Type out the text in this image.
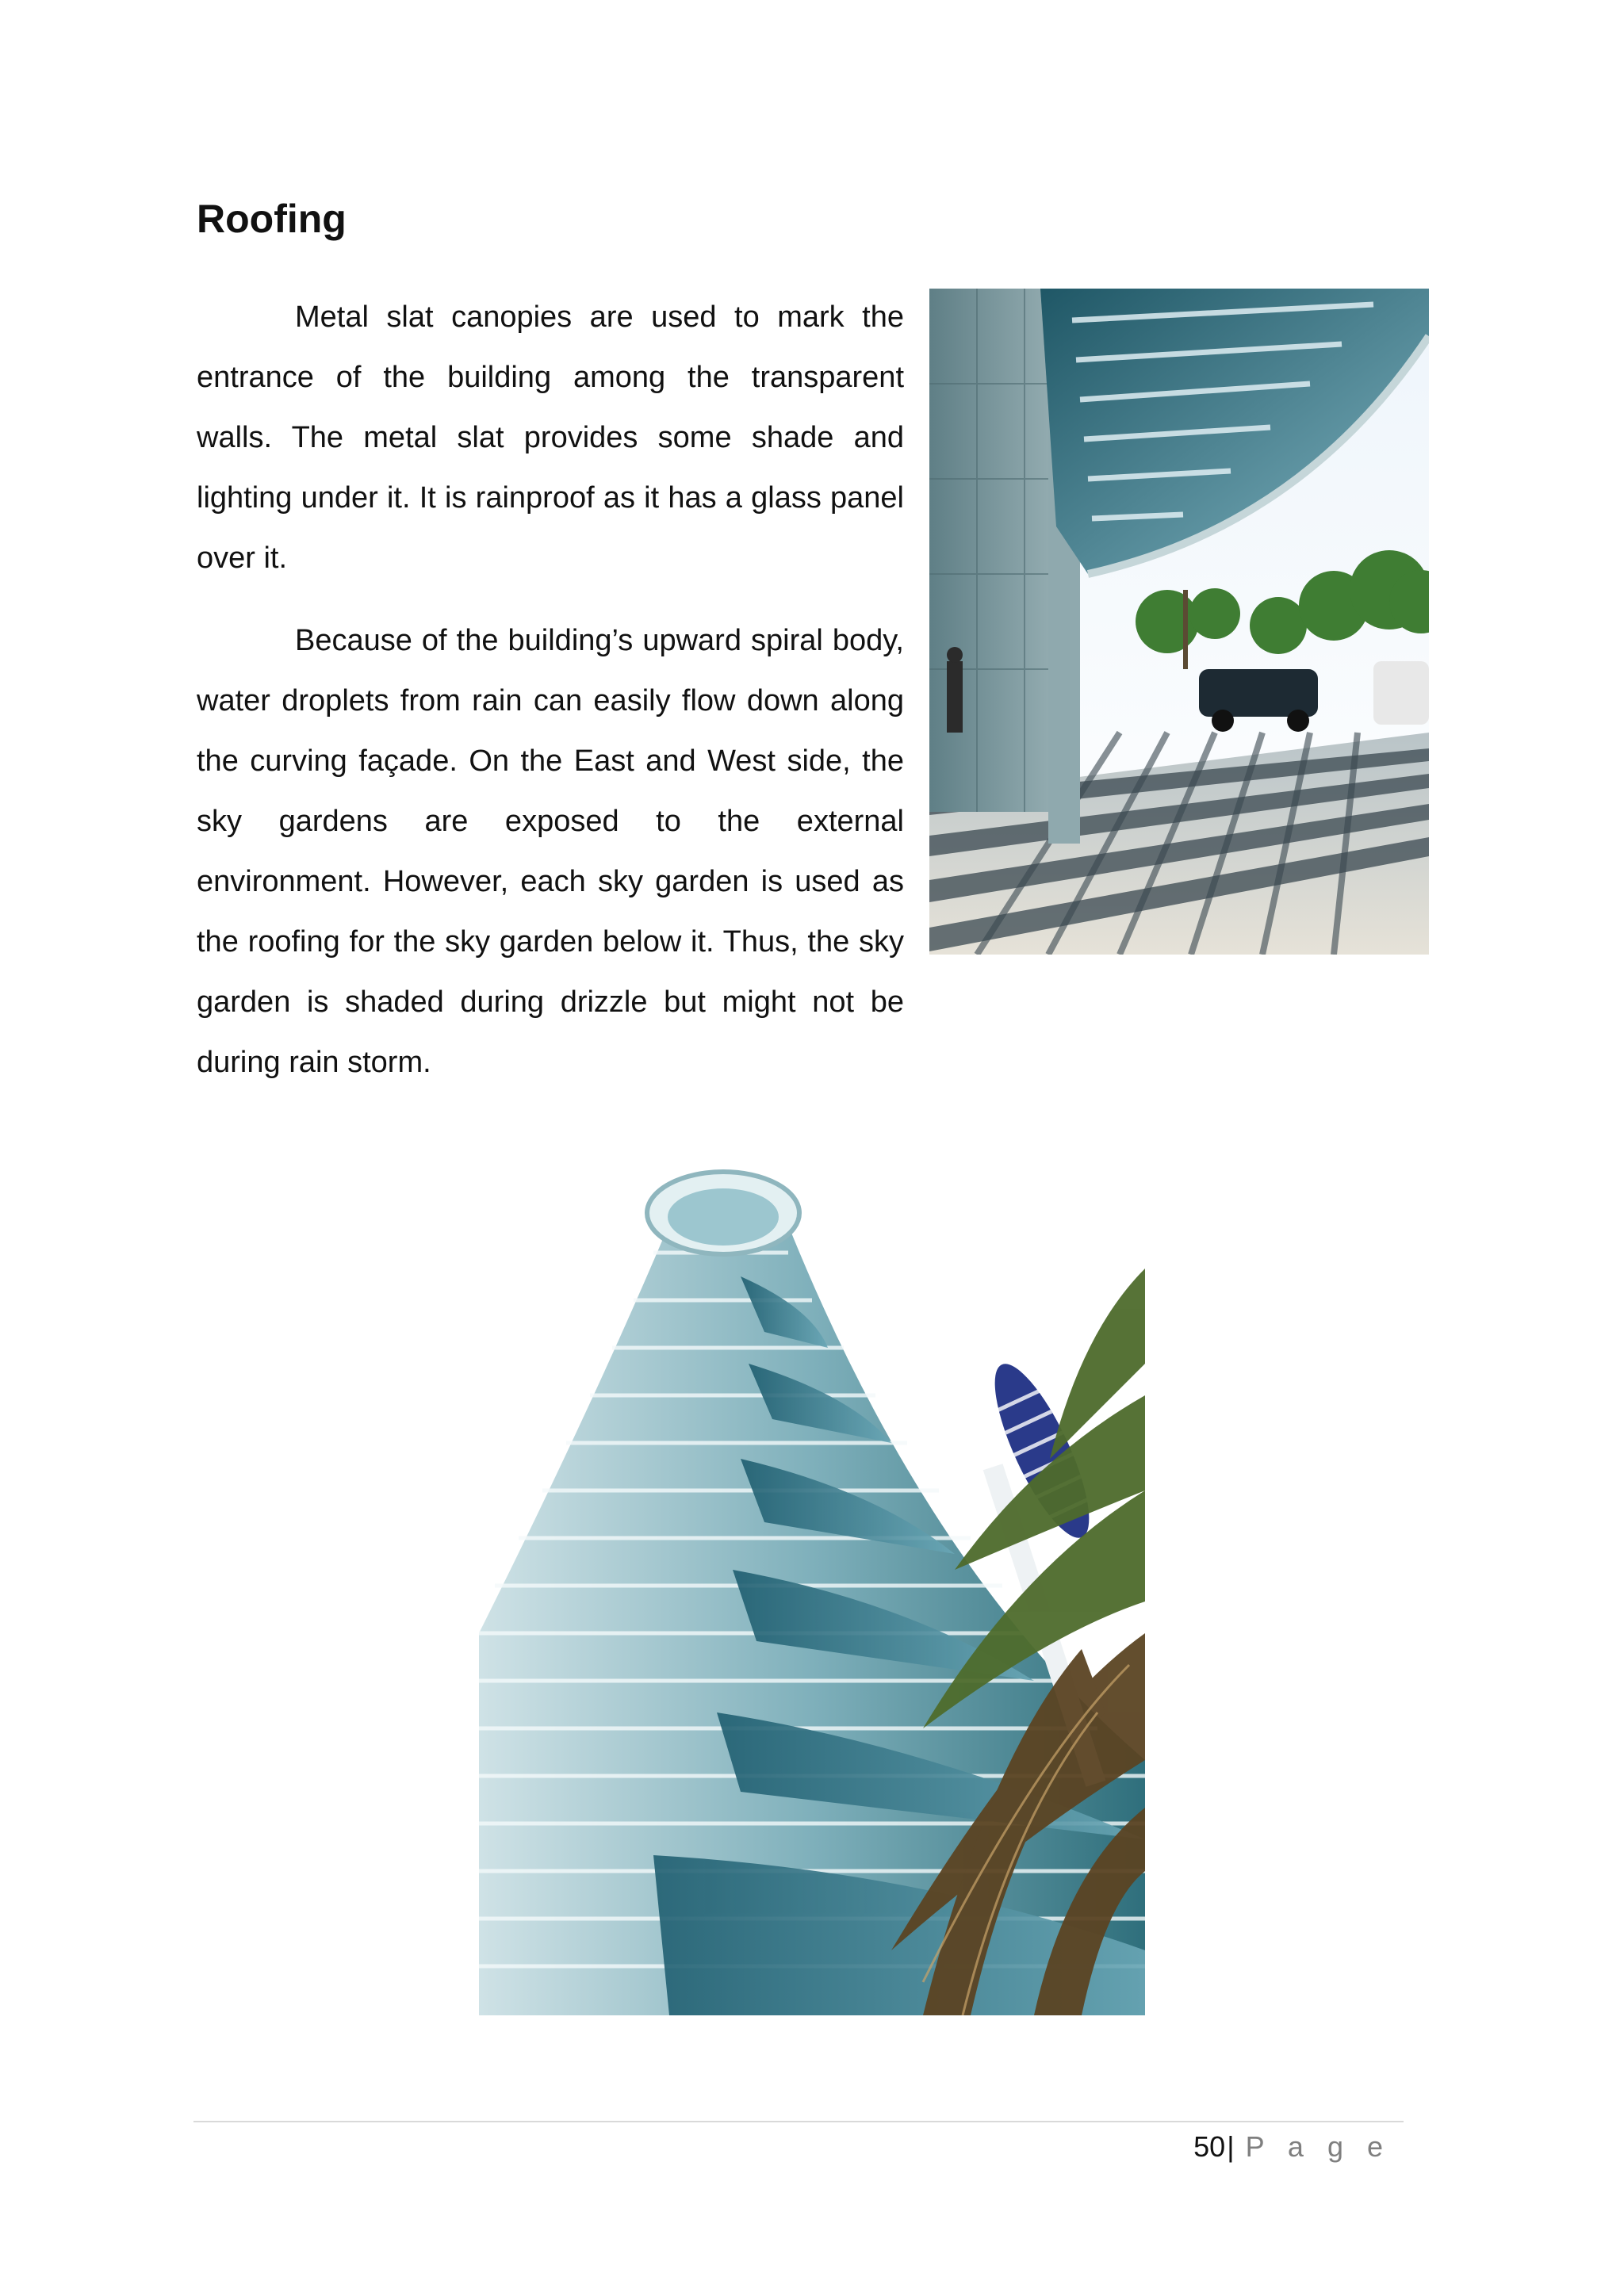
Roofing

Metal slat canopies are used to mark the entrance of the building among the transparent walls. The metal slat provides some shade and lighting under it. It is rainproof as it has a glass panel over it.

Because of the building’s upward spiral body, water droplets from rain can easily flow down along the curving façade. On the East and West side, the sky gardens are exposed to the external environment. However, each sky garden is used as the roofing for the sky garden below it. Thus, the sky garden is shaded during drizzle but might not be during rain storm.

50| P a g e
